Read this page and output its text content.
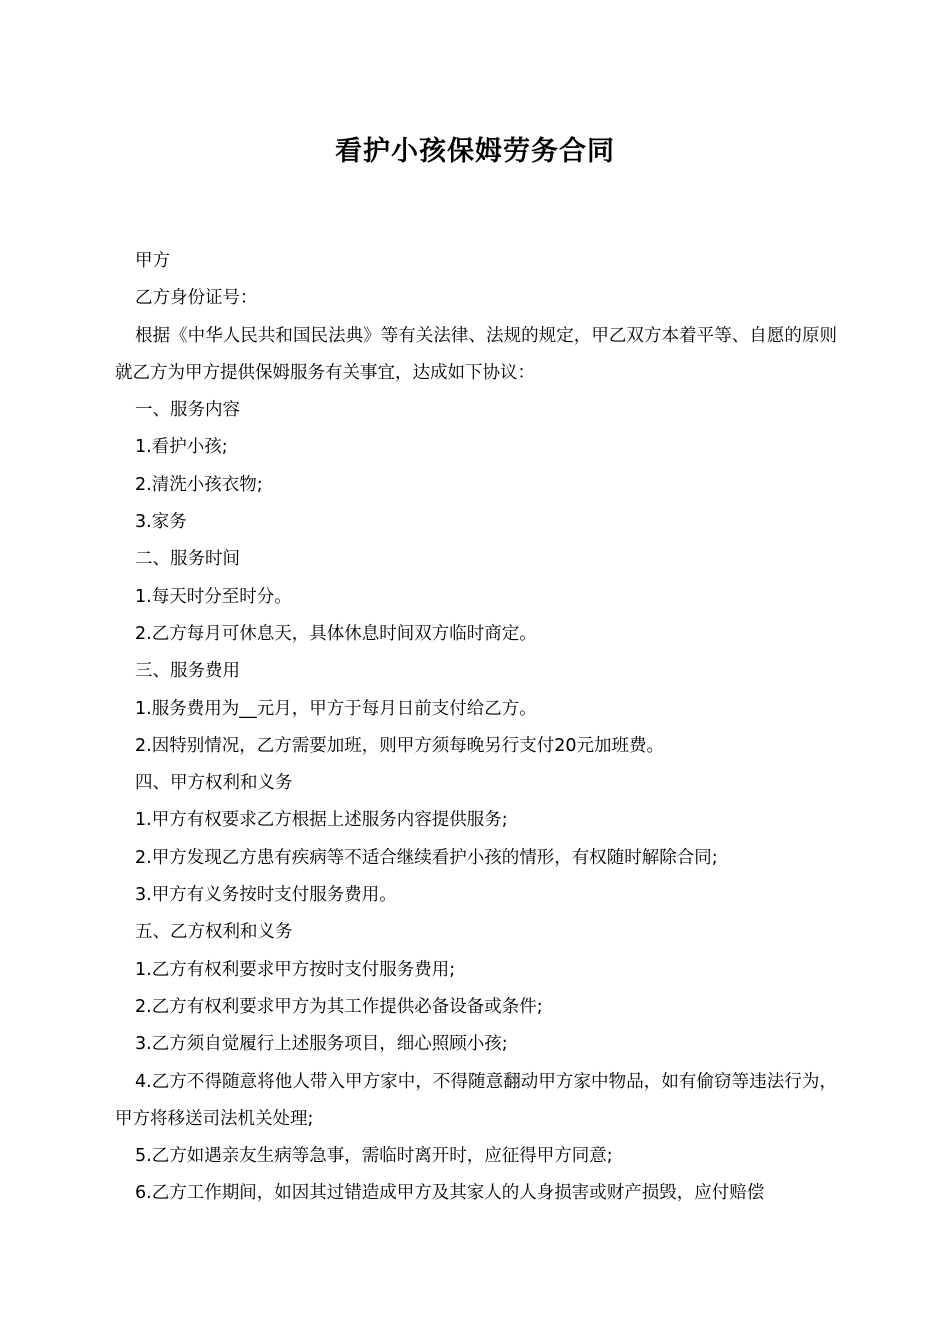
看护小孩保姆劳务合同

甲方

乙方身份证号：

根据《中华人民共和国民法典》等有关法律、法规的规定，甲乙双方本着平等、自愿的原则就乙方为甲方提供保姆服务有关事宜，达成如下协议：

一、服务内容

1.看护小孩;

2.清洗小孩衣物;

3.家务

二、服务时间

1.每天时分至时分。

2.乙方每月可休息天，具体休息时间双方临时商定。

三、服务费用

1.服务费用为__元月，甲方于每月日前支付给乙方。

2.因特别情况，乙方需要加班，则甲方须每晚另行支付20元加班费。

四、甲方权利和义务

1.甲方有权要求乙方根据上述服务内容提供服务;

2.甲方发现乙方患有疾病等不适合继续看护小孩的情形，有权随时解除合同;

3.甲方有义务按时支付服务费用。

五、乙方权利和义务

1.乙方有权利要求甲方按时支付服务费用;

2.乙方有权利要求甲方为其工作提供必备设备或条件;

3.乙方须自觉履行上述服务项目，细心照顾小孩;

4.乙方不得随意将他人带入甲方家中，不得随意翻动甲方家中物品，如有偷窃等违法行为，甲方将移送司法机关处理;

5.乙方如遇亲友生病等急事，需临时离开时，应征得甲方同意;

6.乙方工作期间，如因其过错造成甲方及其家人的人身损害或财产损毁，应付赔偿
